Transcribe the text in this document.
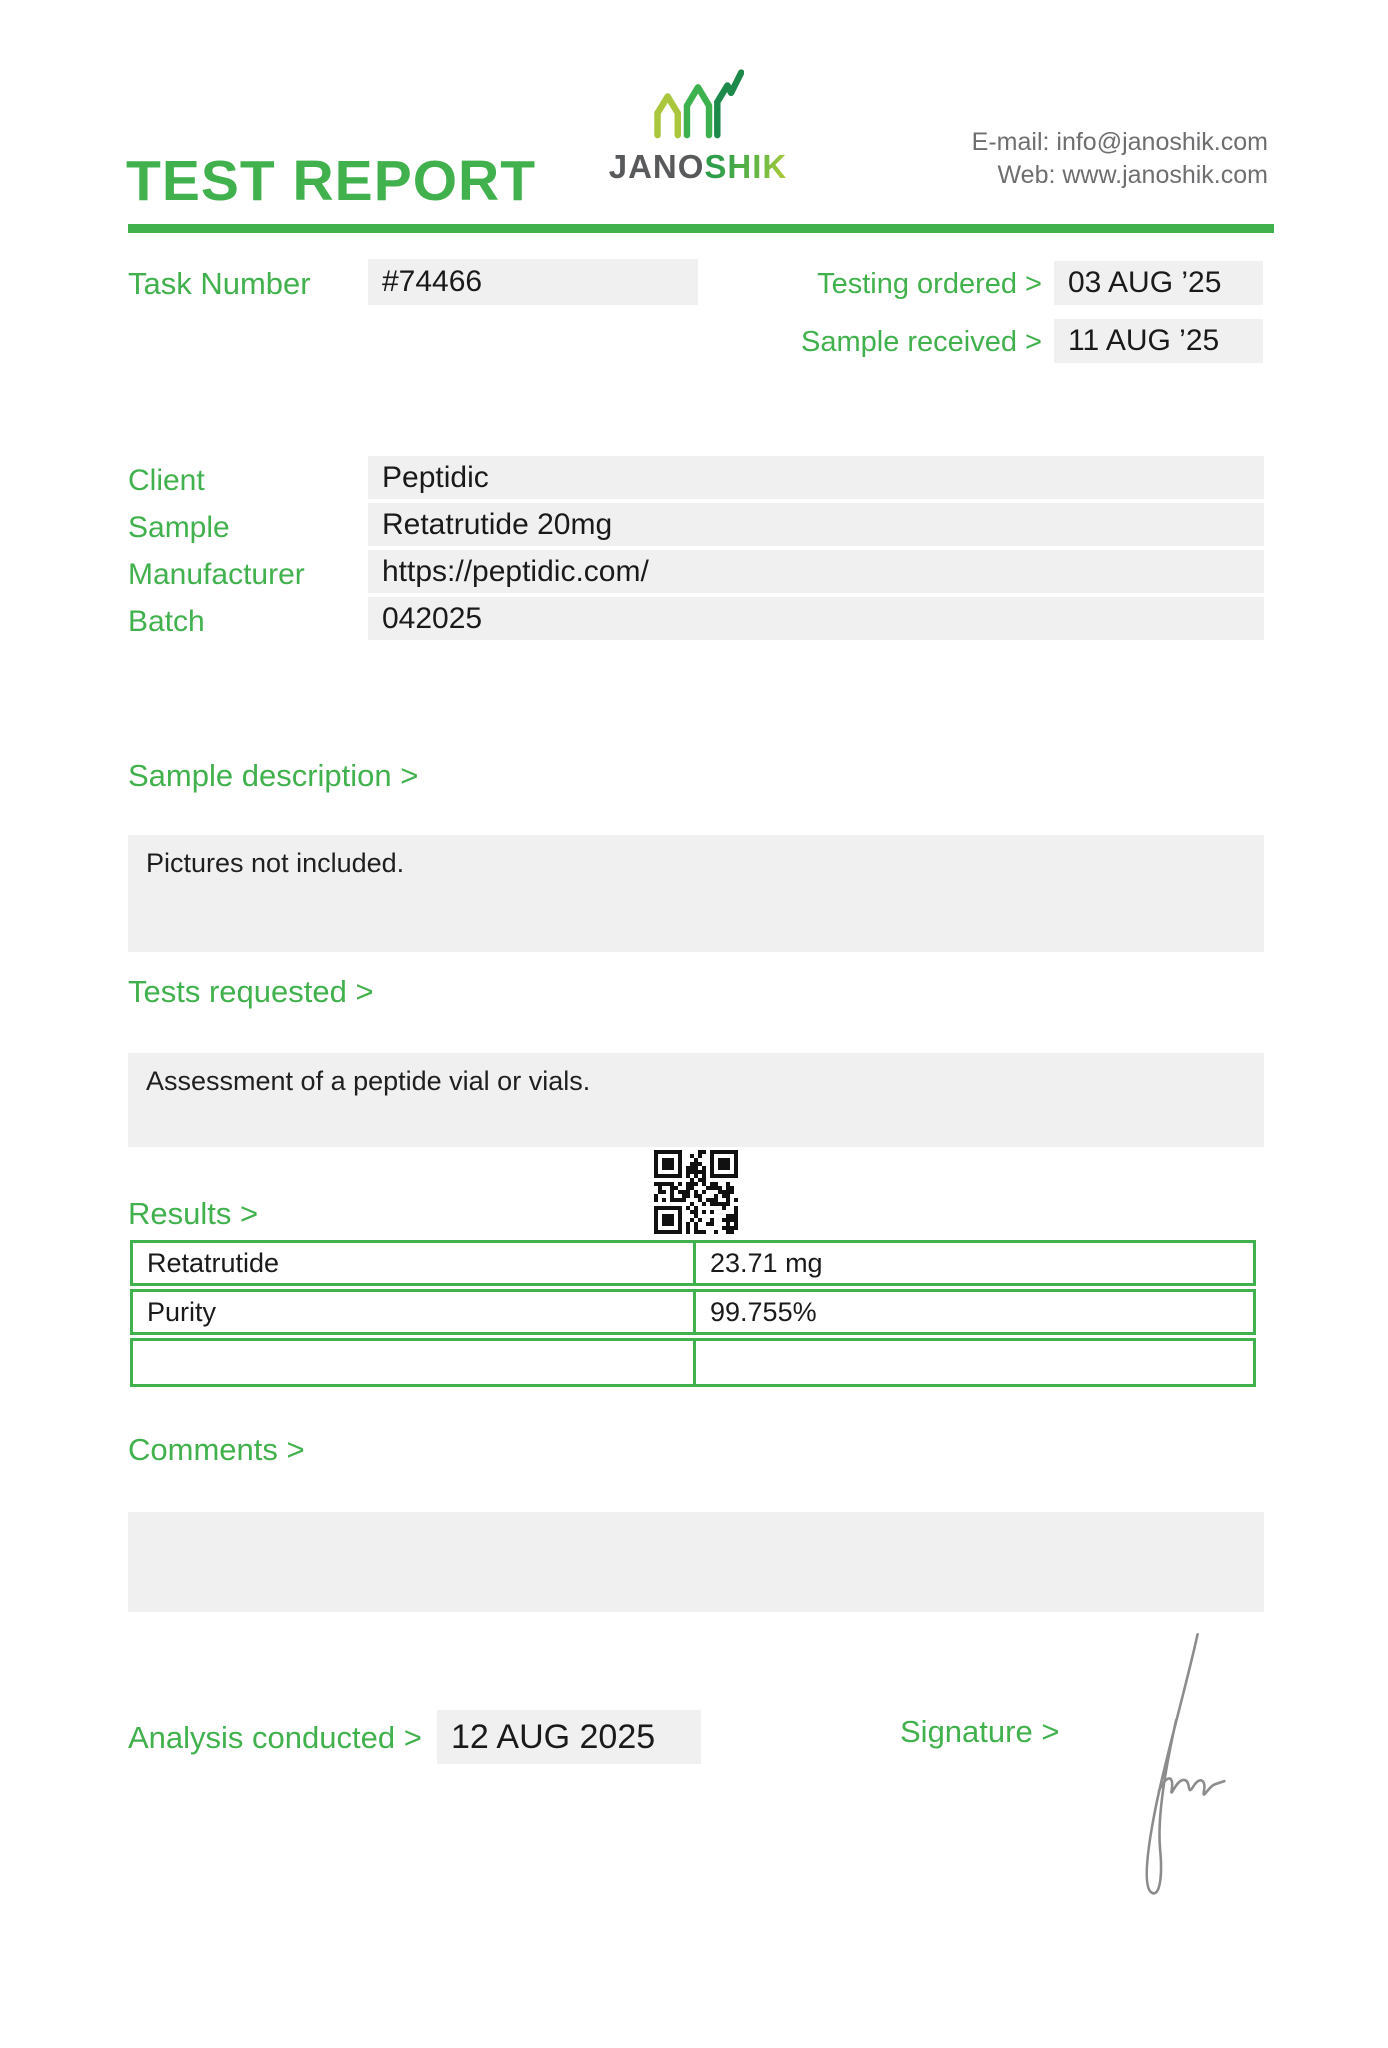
TEST REPORT	JANOSHIK
E-mail: info@janoshik.com
Web: www.janoshik.com
Task Number	#74466	Testing ordered > 03 AUG ’25
Sample received > 11 AUG ’25
Client	Peptidic
Sample	Retatrutide 20mg
Manufacturer	https://peptidic.com/
Batch	042025
Sample description >
Pictures not included.
Tests requested >
Assessment of a peptide vial or vials.
Results >
Retatrutide	23.71 mg
Purity	99.755%
Comments >
Analysis conducted > 12 AUG 2025	Signature >
